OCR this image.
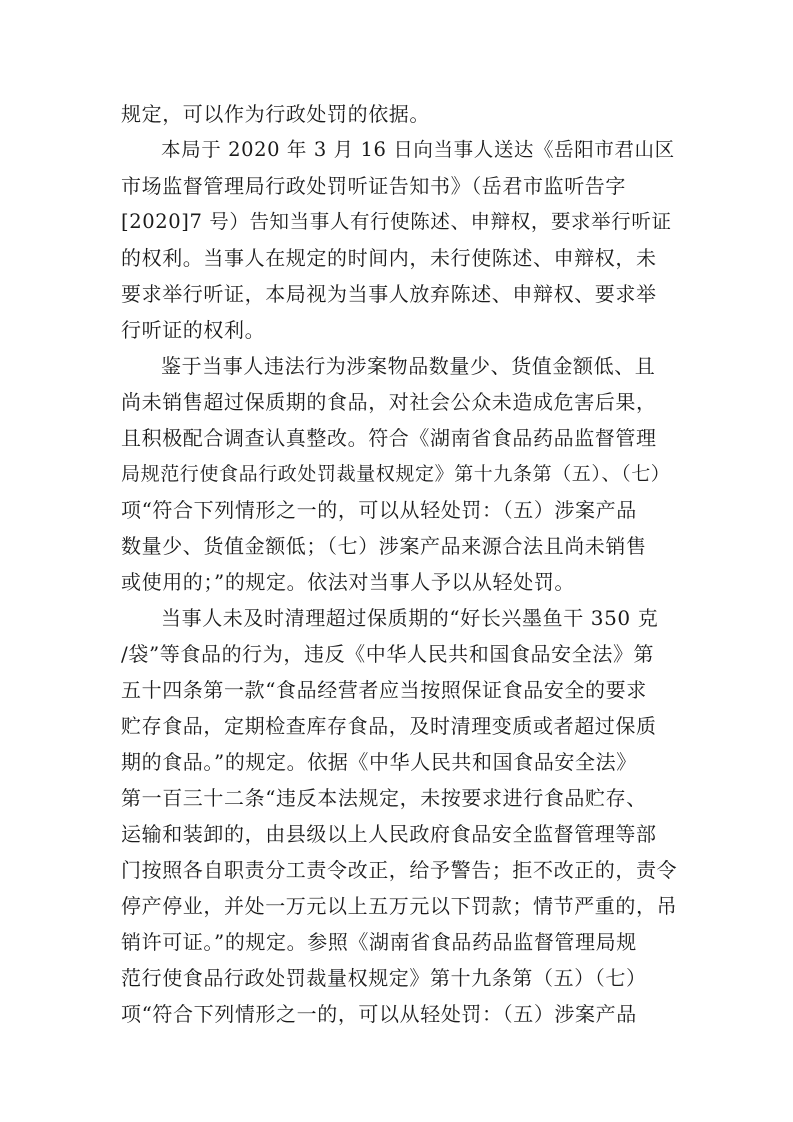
规定，可以作为行政处罚的依据。
本局于 2020 年 3 月 16 日向当事人送达《岳阳市君山区
市场监督管理局行政处罚听证告知书》（岳君市监听告字
[2020]7 号）告知当事人有行使陈述、申辩权，要求举行听证
的权利。当事人在规定的时间内，未行使陈述、申辩权，未
要求举行听证，本局视为当事人放弃陈述、申辩权、要求举
行听证的权利。
鉴于当事人违法行为涉案物品数量少、货值金额低、且
尚未销售超过保质期的食品，对社会公众未造成危害后果，
且积极配合调查认真整改。符合《湖南省食品药品监督管理
局规范行使食品行政处罚裁量权规定》第十九条第（五）、（七）
项“符合下列情形之一的，可以从轻处罚：（五）涉案产品
数量少、货值金额低；（七）涉案产品来源合法且尚未销售
或使用的；”的规定。依法对当事人予以从轻处罚。
当事人未及时清理超过保质期的“好长兴墨鱼干 350 克
/袋”等食品的行为，违反《中华人民共和国食品安全法》第
五十四条第一款“食品经营者应当按照保证食品安全的要求
贮存食品，定期检查库存食品，及时清理变质或者超过保质
期的食品。”的规定。依据《中华人民共和国食品安全法》
第一百三十二条“违反本法规定，未按要求进行食品贮存、
运输和装卸的，由县级以上人民政府食品安全监督管理等部
门按照各自职责分工责令改正，给予警告；拒不改正的，责令
停产停业，并处一万元以上五万元以下罚款；情节严重的，吊
销许可证。”的规定。参照《湖南省食品药品监督管理局规
范行使食品行政处罚裁量权规定》第十九条第（五）（七）
项“符合下列情形之一的，可以从轻处罚：（五）涉案产品
